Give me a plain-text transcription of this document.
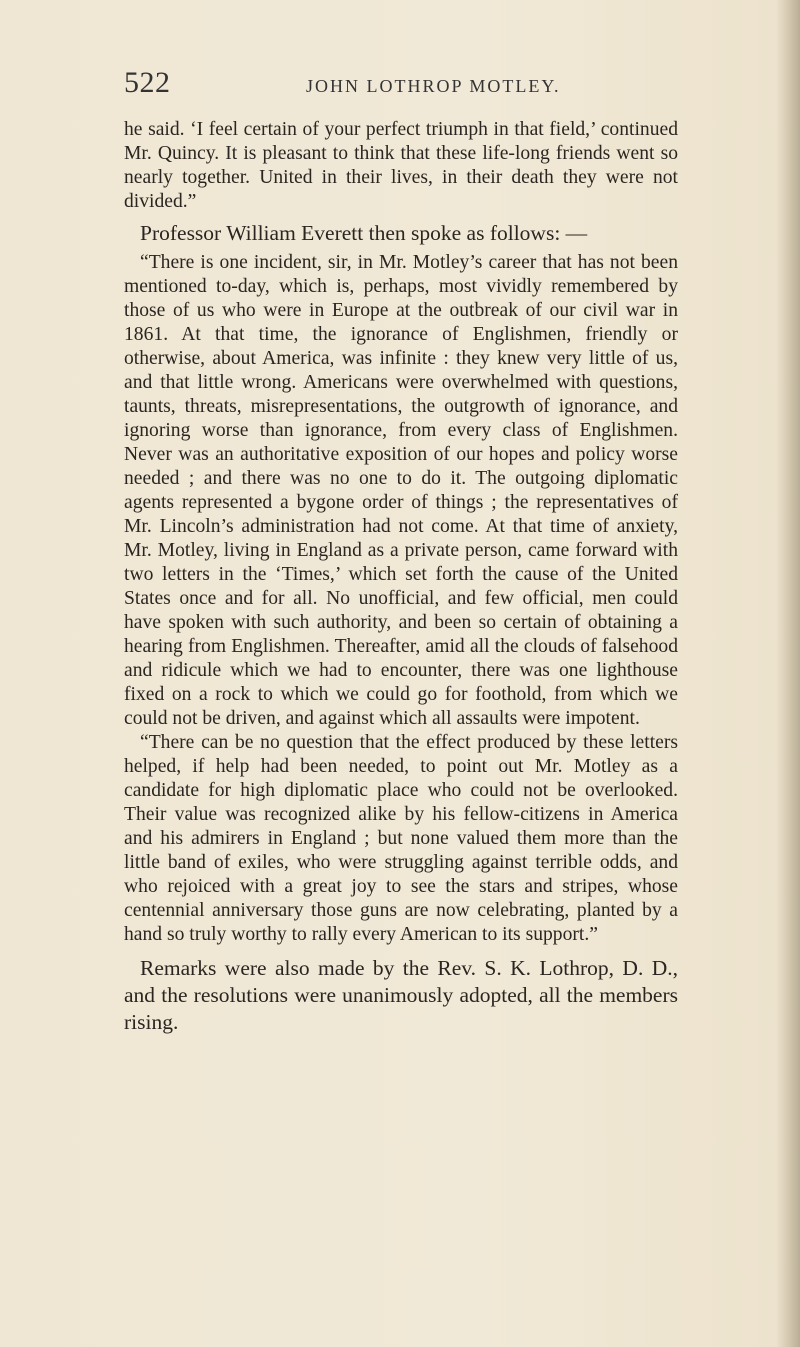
522	JOHN LOTHROP MOTLEY.

he said. ‘I feel certain of your perfect triumph in that field,’ continued Mr. Quincy. It is pleasant to think that these life-long friends went so nearly together. United in their lives, in their death they were not divided.”

Professor William Everett then spoke as follows: —

“There is one incident, sir, in Mr. Motley’s career that has not been mentioned to-day, which is, perhaps, most vividly remembered by those of us who were in Europe at the outbreak of our civil war in 1861. At that time, the ignorance of Englishmen, friendly or otherwise, about America, was infinite : they knew very little of us, and that little wrong. Americans were overwhelmed with questions, taunts, threats, misrepresentations, the outgrowth of ignorance, and ignoring worse than ignorance, from every class of Englishmen. Never was an authoritative exposition of our hopes and policy worse needed ; and there was no one to do it. The outgoing diplomatic agents represented a bygone order of things ; the representatives of Mr. Lincoln’s administration had not come. At that time of anxiety, Mr. Motley, living in England as a private person, came forward with two letters in the ‘Times,’ which set forth the cause of the United States once and for all. No unofficial, and few official, men could have spoken with such authority, and been so certain of obtaining a hearing from Englishmen. Thereafter, amid all the clouds of falsehood and ridicule which we had to encounter, there was one lighthouse fixed on a rock to which we could go for foothold, from which we could not be driven, and against which all assaults were impotent.

“There can be no question that the effect produced by these letters helped, if help had been needed, to point out Mr. Motley as a candidate for high diplomatic place who could not be overlooked. Their value was recognized alike by his fellow-citizens in America and his admirers in England ; but none valued them more than the little band of exiles, who were struggling against terrible odds, and who rejoiced with a great joy to see the stars and stripes, whose centennial anniversary those guns are now celebrating, planted by a hand so truly worthy to rally every American to its support.”

Remarks were also made by the Rev. S. K. Lothrop, D. D., and the resolutions were unanimously adopted, all the members rising.
